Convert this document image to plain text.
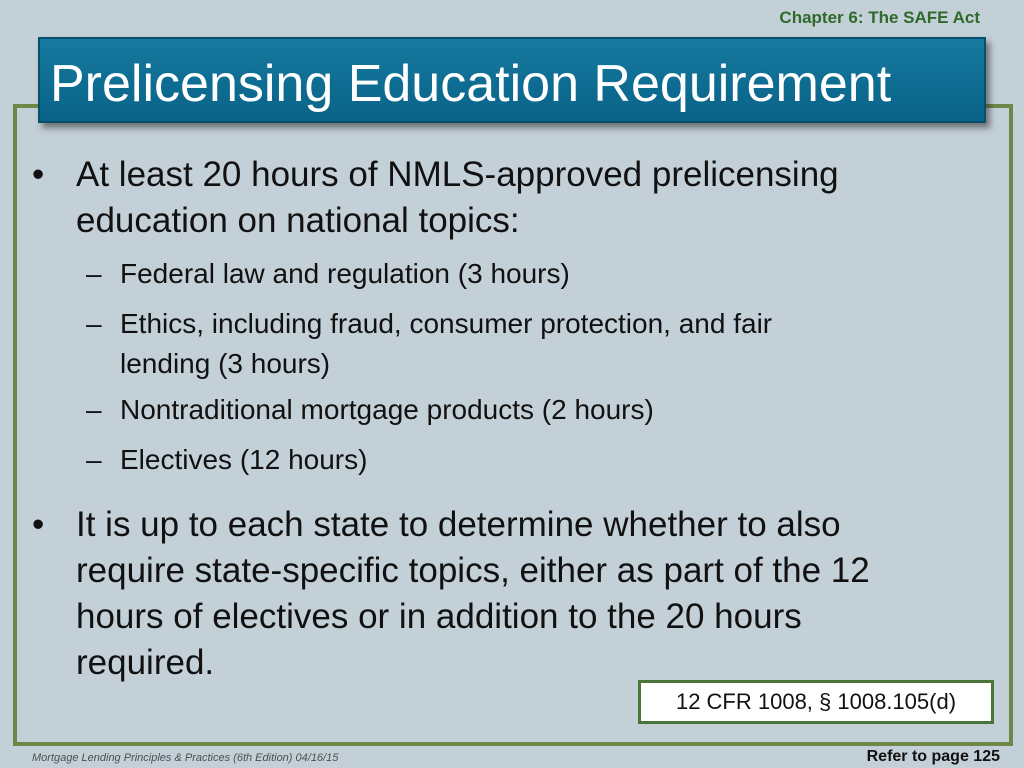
Chapter 6: The SAFE Act
Prelicensing Education Requirement
• At least 20 hours of NMLS-approved prelicensing
education on national topics:
– Federal law and regulation (3 hours)
– Ethics, including fraud, consumer protection, and fair
lending (3 hours)
– Nontraditional mortgage products (2 hours)
– Electives (12 hours)
• It is up to each state to determine whether to also
require state-specific topics, either as part of the 12
hours of electives or in addition to the 20 hours
required.
12 CFR 1008, § 1008.105(d)
Mortgage Lending Principles & Practices (6th Edition) 04/16/15	Refer to page 125
